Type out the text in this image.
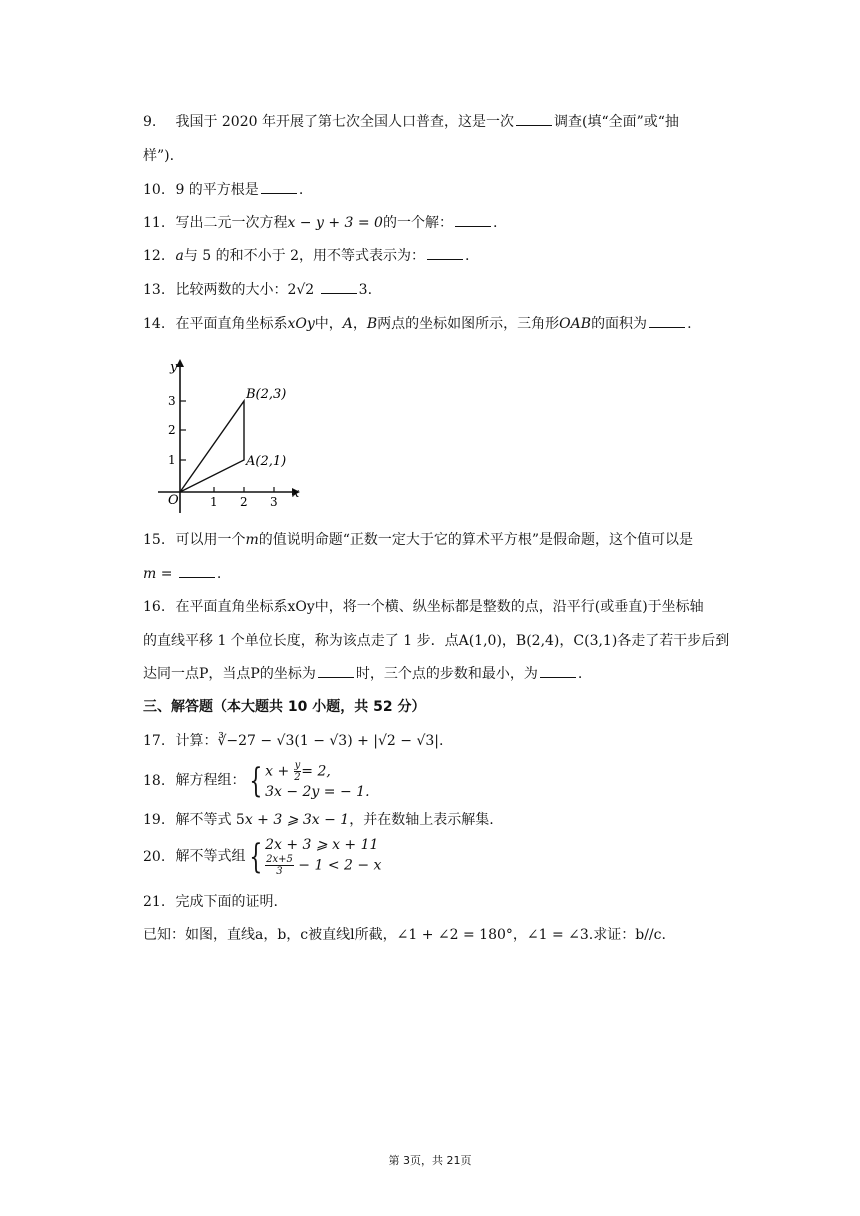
9. 我国于 2020 年开展了第七次全国人口普查，这是一次	调查(填“全面”或“抽
样”).
10. 9 的平方根是	.
11. 写出二元一次方程x − y + 3 = 0的一个解：	.
12. a与 5 的和不小于 2，用不等式表示为：	.
13. 比较两数的大小：2√2	3.
14. 在平面直角坐标系xOy中，A，B两点的坐标如图所示，三角形OAB的面积为	.
y
x
O	1 2 3
1
2
3	B(2,3)
A(2,1)
15. 可以用一个m的值说明命题“正数一定大于它的算术平方根”是假命题，这个值可以是
m =	.
16. 在平面直角坐标系xOy中，将一个横、纵坐标都是整数的点，沿平行(或垂直)于坐标轴
的直线平移 1 个单位长度，称为该点走了 1 步．点A(1,0)，B(2,4)，C(3,1)各走了若干步后到
达同一点P，当点P的坐标为	时，三个点的步数和最小，为	.
三、解答题（本大题共 10 小题，共 52 分）
17. 计算：∛−27 − √3(1 − √3) + |√2 − √3|.
18. 解方程组： { $x + \frac{y}{2} = 2$,
3x − 2y = − 1.
19. 解不等式 5x + 3 ⩾ 3x − 1，并在数轴上表示解集.
20. 解不等式组 { 2x + 3 ⩾ x + 11
$\frac{2x+5}{3} - 1 < 2 - x$
21. 完成下面的证明.
已知：如图，直线a，b，c被直线l所截，∠1 + ∠2 = 180°，∠1 = ∠3.求证：b//c.
第 3页，共 21页
